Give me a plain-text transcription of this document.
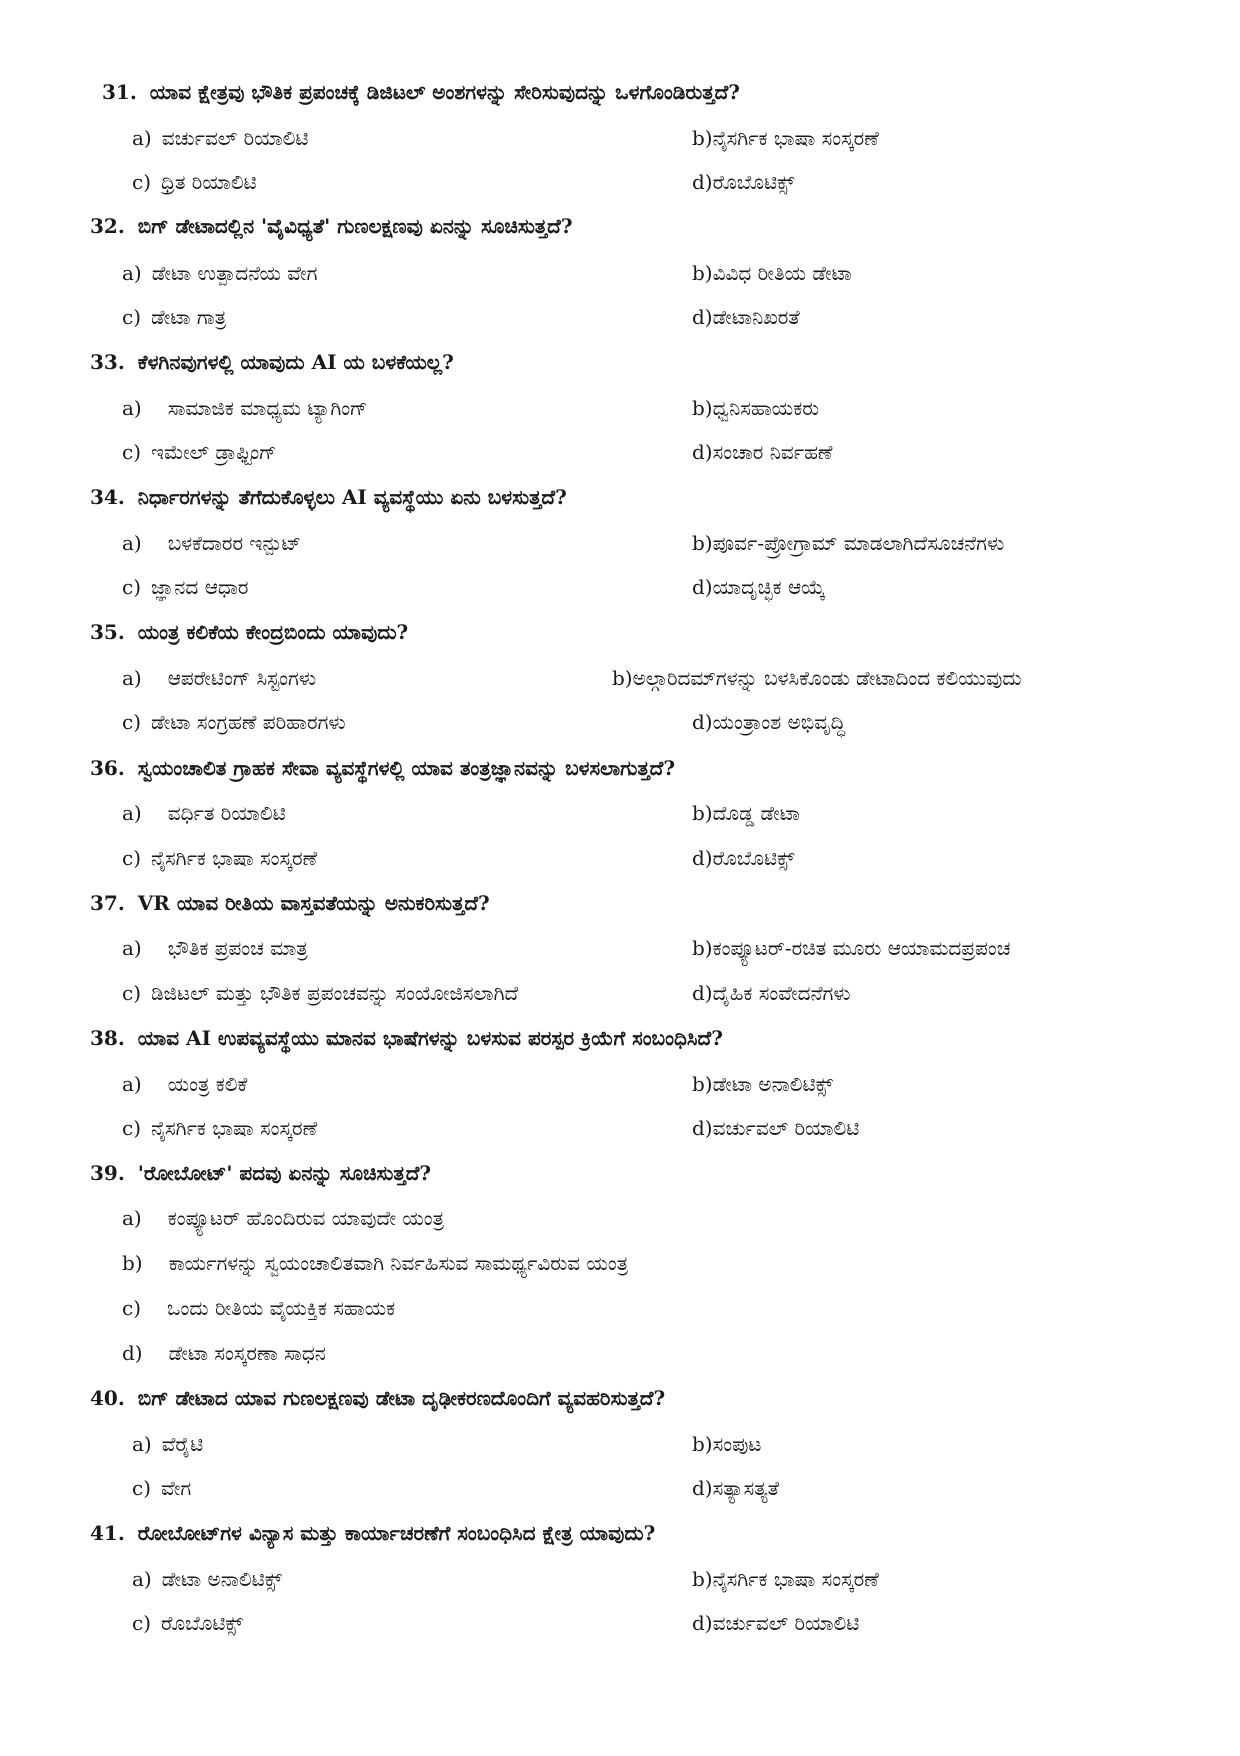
31. ಯಾವ ಕ್ಷೇತ್ರವು ಭೌತಿಕ ಪ್ರಪಂಚಕ್ಕೆ ಡಿಜಿಟಲ್ ಅಂಶಗಳನ್ನು ಸೇರಿಸುವುದನ್ನು ಒಳಗೊಂಡಿರುತ್ತದೆ?
a) ವರ್ಚುವಲ್ ರಿಯಾಲಿಟಿ	b)ನೈಸರ್ಗಿಕ ಭಾಷಾ ಸಂಸ್ಕರಣೆ
c) ಧ್ರಿತ ರಿಯಾಲಿಟಿ	d)ರೊಬೊಟಿಕ್ಸ್
32. ಬಿಗ್ ಡೇಟಾದಲ್ಲಿನ 'ವೈವಿಧ್ಯತೆ' ಗುಣಲಕ್ಷಣವು ಏನನ್ನು ಸೂಚಿಸುತ್ತದೆ?
a) ಡೇಟಾ ಉತ್ಪಾದನೆಯ ವೇಗ	b)ವಿವಿಧ ರೀತಿಯ ಡೇಟಾ
c) ಡೇಟಾ ಗಾತ್ರ	d)ಡೇಟಾನಿಖರತೆ
33. ಕೆಳಗಿನವುಗಳಲ್ಲಿ ಯಾವುದು AI ಯ ಬಳಕೆಯಲ್ಲ?
a) ಸಾಮಾಜಿಕ ಮಾಧ್ಯಮ ಟ್ಯಾಗಿಂಗ್	b)ಧ್ವನಿಸಹಾಯಕರು
c) ಇಮೇಲ್ ಡ್ರಾಫ್ಟಿಂಗ್	d)ಸಂಚಾರ ನಿರ್ವಹಣೆ
34. ನಿರ್ಧಾರಗಳನ್ನು ತೆಗೆದುಕೊಳ್ಳಲು AI ವ್ಯವಸ್ಥೆಯು ಏನು ಬಳಸುತ್ತದೆ?
a) ಬಳಕೆದಾರರ ಇನ್ಪುಟ್	b)ಪೂರ್ವ-ಪ್ರೋಗ್ರಾಮ್ ಮಾಡಲಾಗಿದೆಸೂಚನೆಗಳು
c) ಜ್ಞಾನದ ಆಧಾರ	d)ಯಾದೃಚ್ಛಿಕ ಆಯ್ಕೆ
35. ಯಂತ್ರ ಕಲಿಕೆಯ ಕೇಂದ್ರಬಿಂದು ಯಾವುದು?
a) ಆಪರೇಟಿಂಗ್ ಸಿಸ್ಟಂಗಳು	b)ಅಲ್ಗಾರಿದಮ್‌ಗಳನ್ನು ಬಳಸಿಕೊಂಡು ಡೇಟಾದಿಂದ ಕಲಿಯುವುದು
c) ಡೇಟಾ ಸಂಗ್ರಹಣೆ ಪರಿಹಾರಗಳು	d)ಯಂತ್ರಾಂಶ ಅಭಿವೃದ್ಧಿ
36. ಸ್ವಯಂಚಾಲಿತ ಗ್ರಾಹಕ ಸೇವಾ ವ್ಯವಸ್ಥೆಗಳಲ್ಲಿ ಯಾವ ತಂತ್ರಜ್ಞಾನವನ್ನು ಬಳಸಲಾಗುತ್ತದೆ?
a) ವರ್ಧಿತ ರಿಯಾಲಿಟಿ	b)ದೊಡ್ಡ ಡೇಟಾ
c) ನೈಸರ್ಗಿಕ ಭಾಷಾ ಸಂಸ್ಕರಣೆ	d)ರೊಬೊಟಿಕ್ಸ್
37. VR ಯಾವ ರೀತಿಯ ವಾಸ್ತವತೆಯನ್ನು ಅನುಕರಿಸುತ್ತದೆ?
a) ಭೌತಿಕ ಪ್ರಪಂಚ ಮಾತ್ರ	b)ಕಂಪ್ಯೂಟರ್-ರಚಿತ ಮೂರು ಆಯಾಮದಪ್ರಪಂಚ
c) ಡಿಜಿಟಲ್ ಮತ್ತು ಭೌತಿಕ ಪ್ರಪಂಚವನ್ನು ಸಂಯೋಜಿಸಲಾಗಿದೆ	d)ದೈಹಿಕ ಸಂವೇದನೆಗಳು
38. ಯಾವ AI ಉಪವ್ಯವಸ್ಥೆಯು ಮಾನವ ಭಾಷೆಗಳನ್ನು ಬಳಸುವ ಪರಸ್ಪರ ಕ್ರಿಯೆಗೆ ಸಂಬಂಧಿಸಿದೆ?
a) ಯಂತ್ರ ಕಲಿಕೆ	b)ಡೇಟಾ ಅನಾಲಿಟಿಕ್ಸ್
c) ನೈಸರ್ಗಿಕ ಭಾಷಾ ಸಂಸ್ಕರಣೆ	d)ವರ್ಚುವಲ್ ರಿಯಾಲಿಟಿ
39. 'ರೋಬೋಟ್' ಪದವು ಏನನ್ನು ಸೂಚಿಸುತ್ತದೆ?
a) ಕಂಪ್ಯೂಟರ್ ಹೊಂದಿರುವ ಯಾವುದೇ ಯಂತ್ರ
b) ಕಾರ್ಯಗಳನ್ನು ಸ್ವಯಂಚಾಲಿತವಾಗಿ ನಿರ್ವಹಿಸುವ ಸಾಮರ್ಥ್ಯವಿರುವ ಯಂತ್ರ
c) ಒಂದು ರೀತಿಯ ವೈಯಕ್ತಿಕ ಸಹಾಯಕ
d) ಡೇಟಾ ಸಂಸ್ಕರಣಾ ಸಾಧನ
40. ಬಿಗ್ ಡೇಟಾದ ಯಾವ ಗುಣಲಕ್ಷಣವು ಡೇಟಾ ದೃಢೀಕರಣದೊಂದಿಗೆ ವ್ಯವಹರಿಸುತ್ತದೆ?
a) ವೆರೈಟಿ	b)ಸಂಪುಟ
c) ವೇಗ	d)ಸತ್ಯಾಸತ್ಯತೆ
41. ರೋಬೋಟ್‌ಗಳ ವಿನ್ಯಾಸ ಮತ್ತು ಕಾರ್ಯಾಚರಣೆಗೆ ಸಂಬಂಧಿಸಿದ ಕ್ಷೇತ್ರ ಯಾವುದು?
a) ಡೇಟಾ ಅನಾಲಿಟಿಕ್ಸ್	b)ನೈಸರ್ಗಿಕ ಭಾಷಾ ಸಂಸ್ಕರಣೆ
c) ರೊಬೊಟಿಕ್ಸ್	d)ವರ್ಚುವಲ್ ರಿಯಾಲಿಟಿ
